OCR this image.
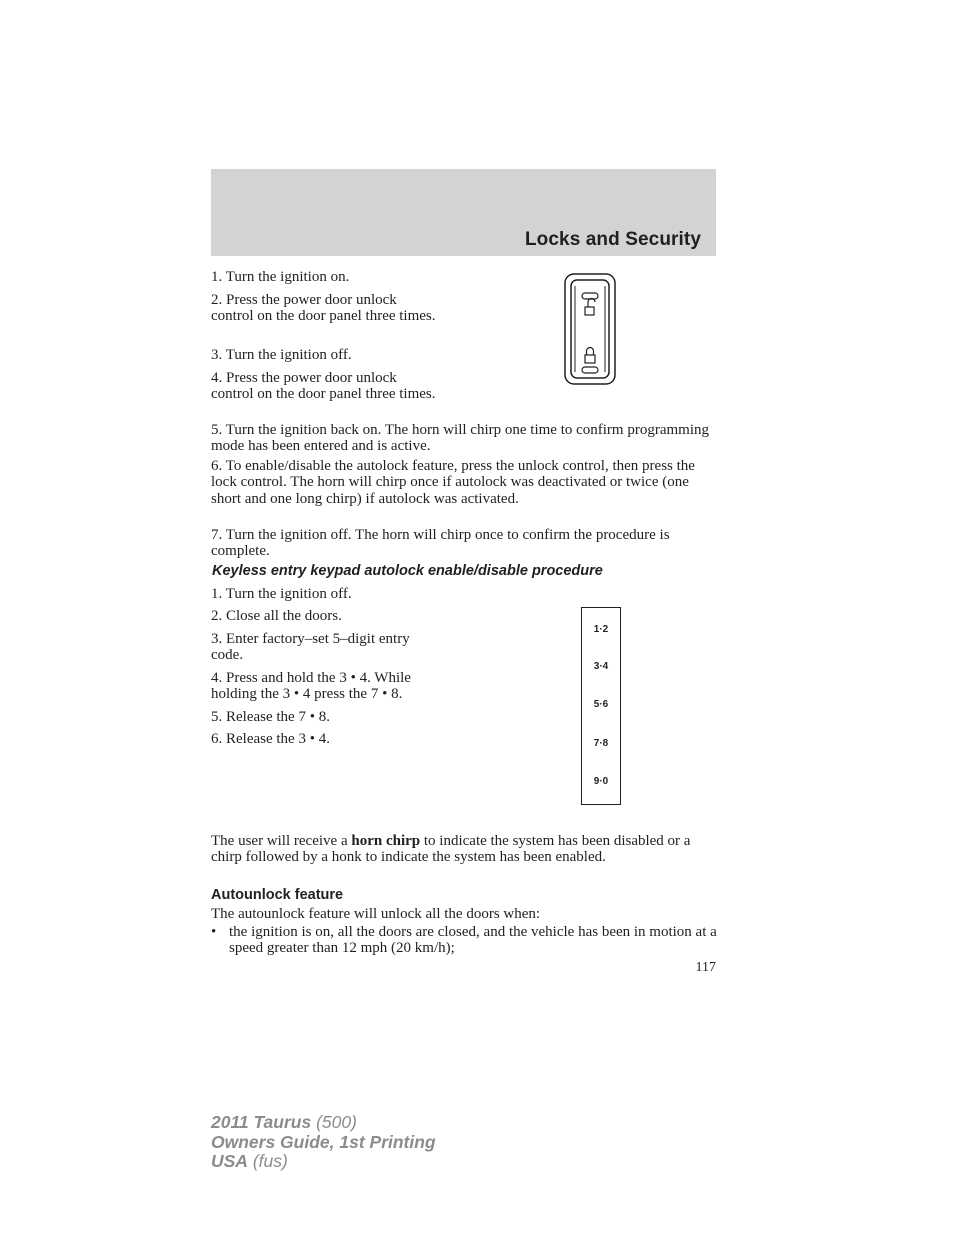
Locks and Security

1. Turn the ignition on.

2. Press the power door unlock control on the door panel three times.

3. Turn the ignition off.

4. Press the power door unlock control on the door panel three times.

5. Turn the ignition back on. The horn will chirp one time to confirm programming mode has been entered and is active.

6. To enable/disable the autolock feature, press the unlock control, then press the lock control. The horn will chirp once if autolock was deactivated or twice (one short and one long chirp) if autolock was activated.

7. Turn the ignition off. The horn will chirp once to confirm the procedure is complete.

Keyless entry keypad autolock enable/disable procedure

1. Turn the ignition off.

2. Close all the doors.

3. Enter factory–set 5–digit entry code.

4. Press and hold the 3 • 4. While holding the 3 • 4 press the 7 • 8.

5. Release the 7 • 8.

6. Release the 3 • 4.

1·2
3·4
5·6
7·8
9·0

The user will receive a horn chirp to indicate the system has been disabled or a chirp followed by a honk to indicate the system has been enabled.

Autounlock feature

The autounlock feature will unlock all the doors when:

• the ignition is on, all the doors are closed, and the vehicle has been in motion at a speed greater than 12 mph (20 km/h);

117
2011 Taurus (500)
Owners Guide, 1st Printing
USA (fus)
